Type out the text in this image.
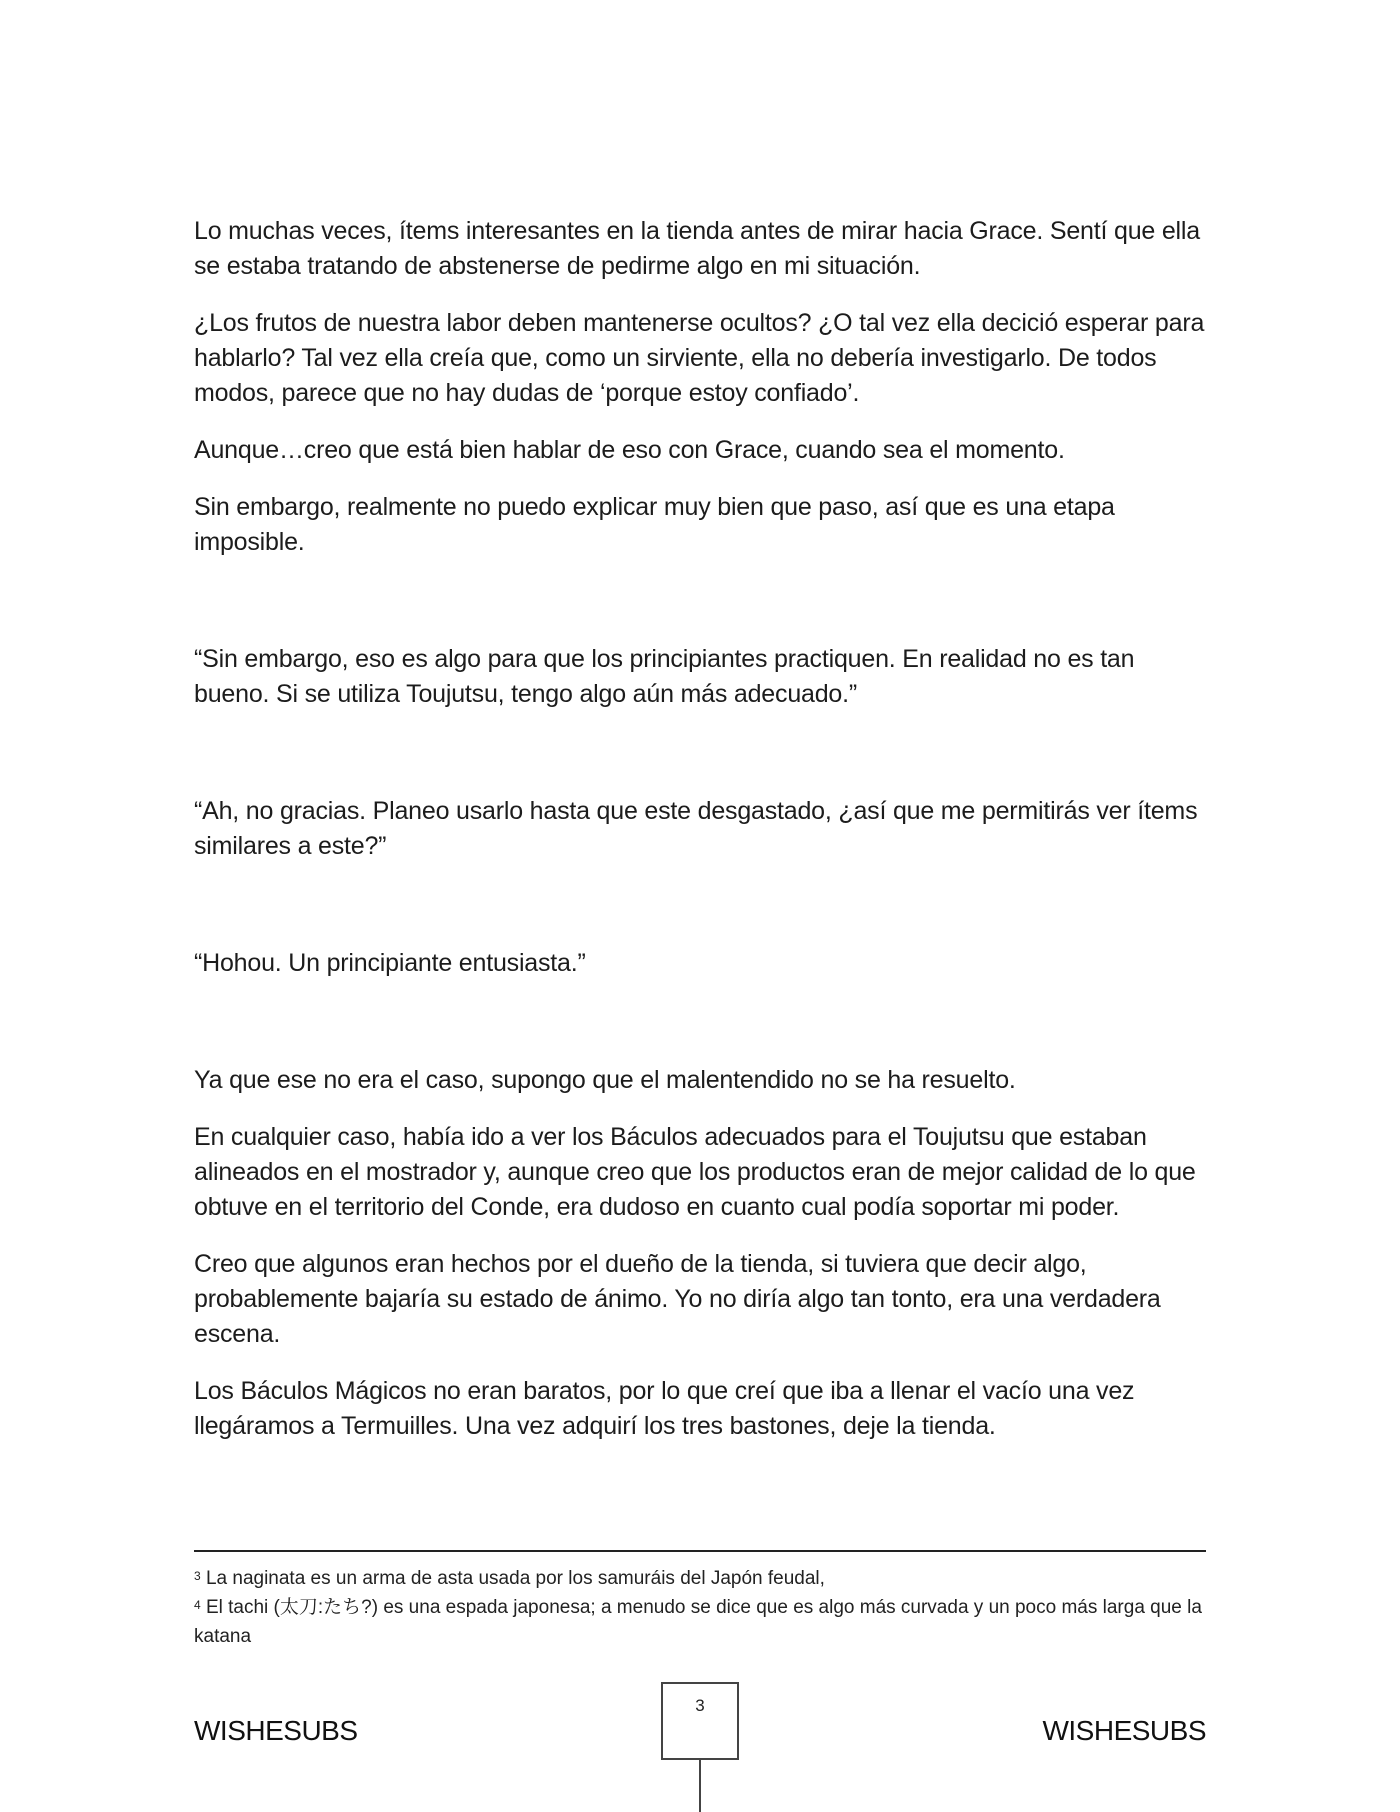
Lo muchas veces, ítems interesantes en la tienda antes de mirar hacia Grace. Sentí que ella se estaba tratando de abstenerse de pedirme algo en mi situación.

¿Los frutos de nuestra labor deben mantenerse ocultos? ¿O tal vez ella decició esperar para hablarlo? Tal vez ella creía que, como un sirviente, ella no debería investigarlo. De todos modos, parece que no hay dudas de ‘porque estoy confiado’.

Aunque…creo que está bien hablar de eso con Grace, cuando sea el momento.

Sin embargo, realmente no puedo explicar muy bien que paso, así que es una etapa imposible.

“Sin embargo, eso es algo para que los principiantes practiquen. En realidad no es tan bueno. Si se utiliza Toujutsu, tengo algo aún más adecuado.”

“Ah, no gracias. Planeo usarlo hasta que este desgastado, ¿así que me permitirás ver ítems similares a este?”

“Hohou. Un principiante entusiasta.”

Ya que ese no era el caso, supongo que el malentendido no se ha resuelto.

En cualquier caso, había ido a ver los Báculos adecuados para el Toujutsu que estaban alineados en el mostrador y, aunque creo que los productos eran de mejor calidad de lo que obtuve en el territorio del Conde, era dudoso en cuanto cual podía soportar mi poder.

Creo que algunos eran hechos por el dueño de la tienda, si tuviera que decir algo, probablemente bajaría su estado de ánimo. Yo no diría algo tan tonto, era una verdadera escena.

Los Báculos Mágicos no eran baratos, por lo que creí que iba a llenar el vacío una vez llegáramos a Termuilles. Una vez adquirí los tres bastones, deje la tienda.

$^3$ La naginata es un arma de asta usada por los samuráis del Japón feudal,

$^4$ El tachi (太刀:たち?) es una espada japonesa; a menudo se dice que es algo más curvada y un poco más larga que la katana

WISHESUBS
3
WISHESUBS
